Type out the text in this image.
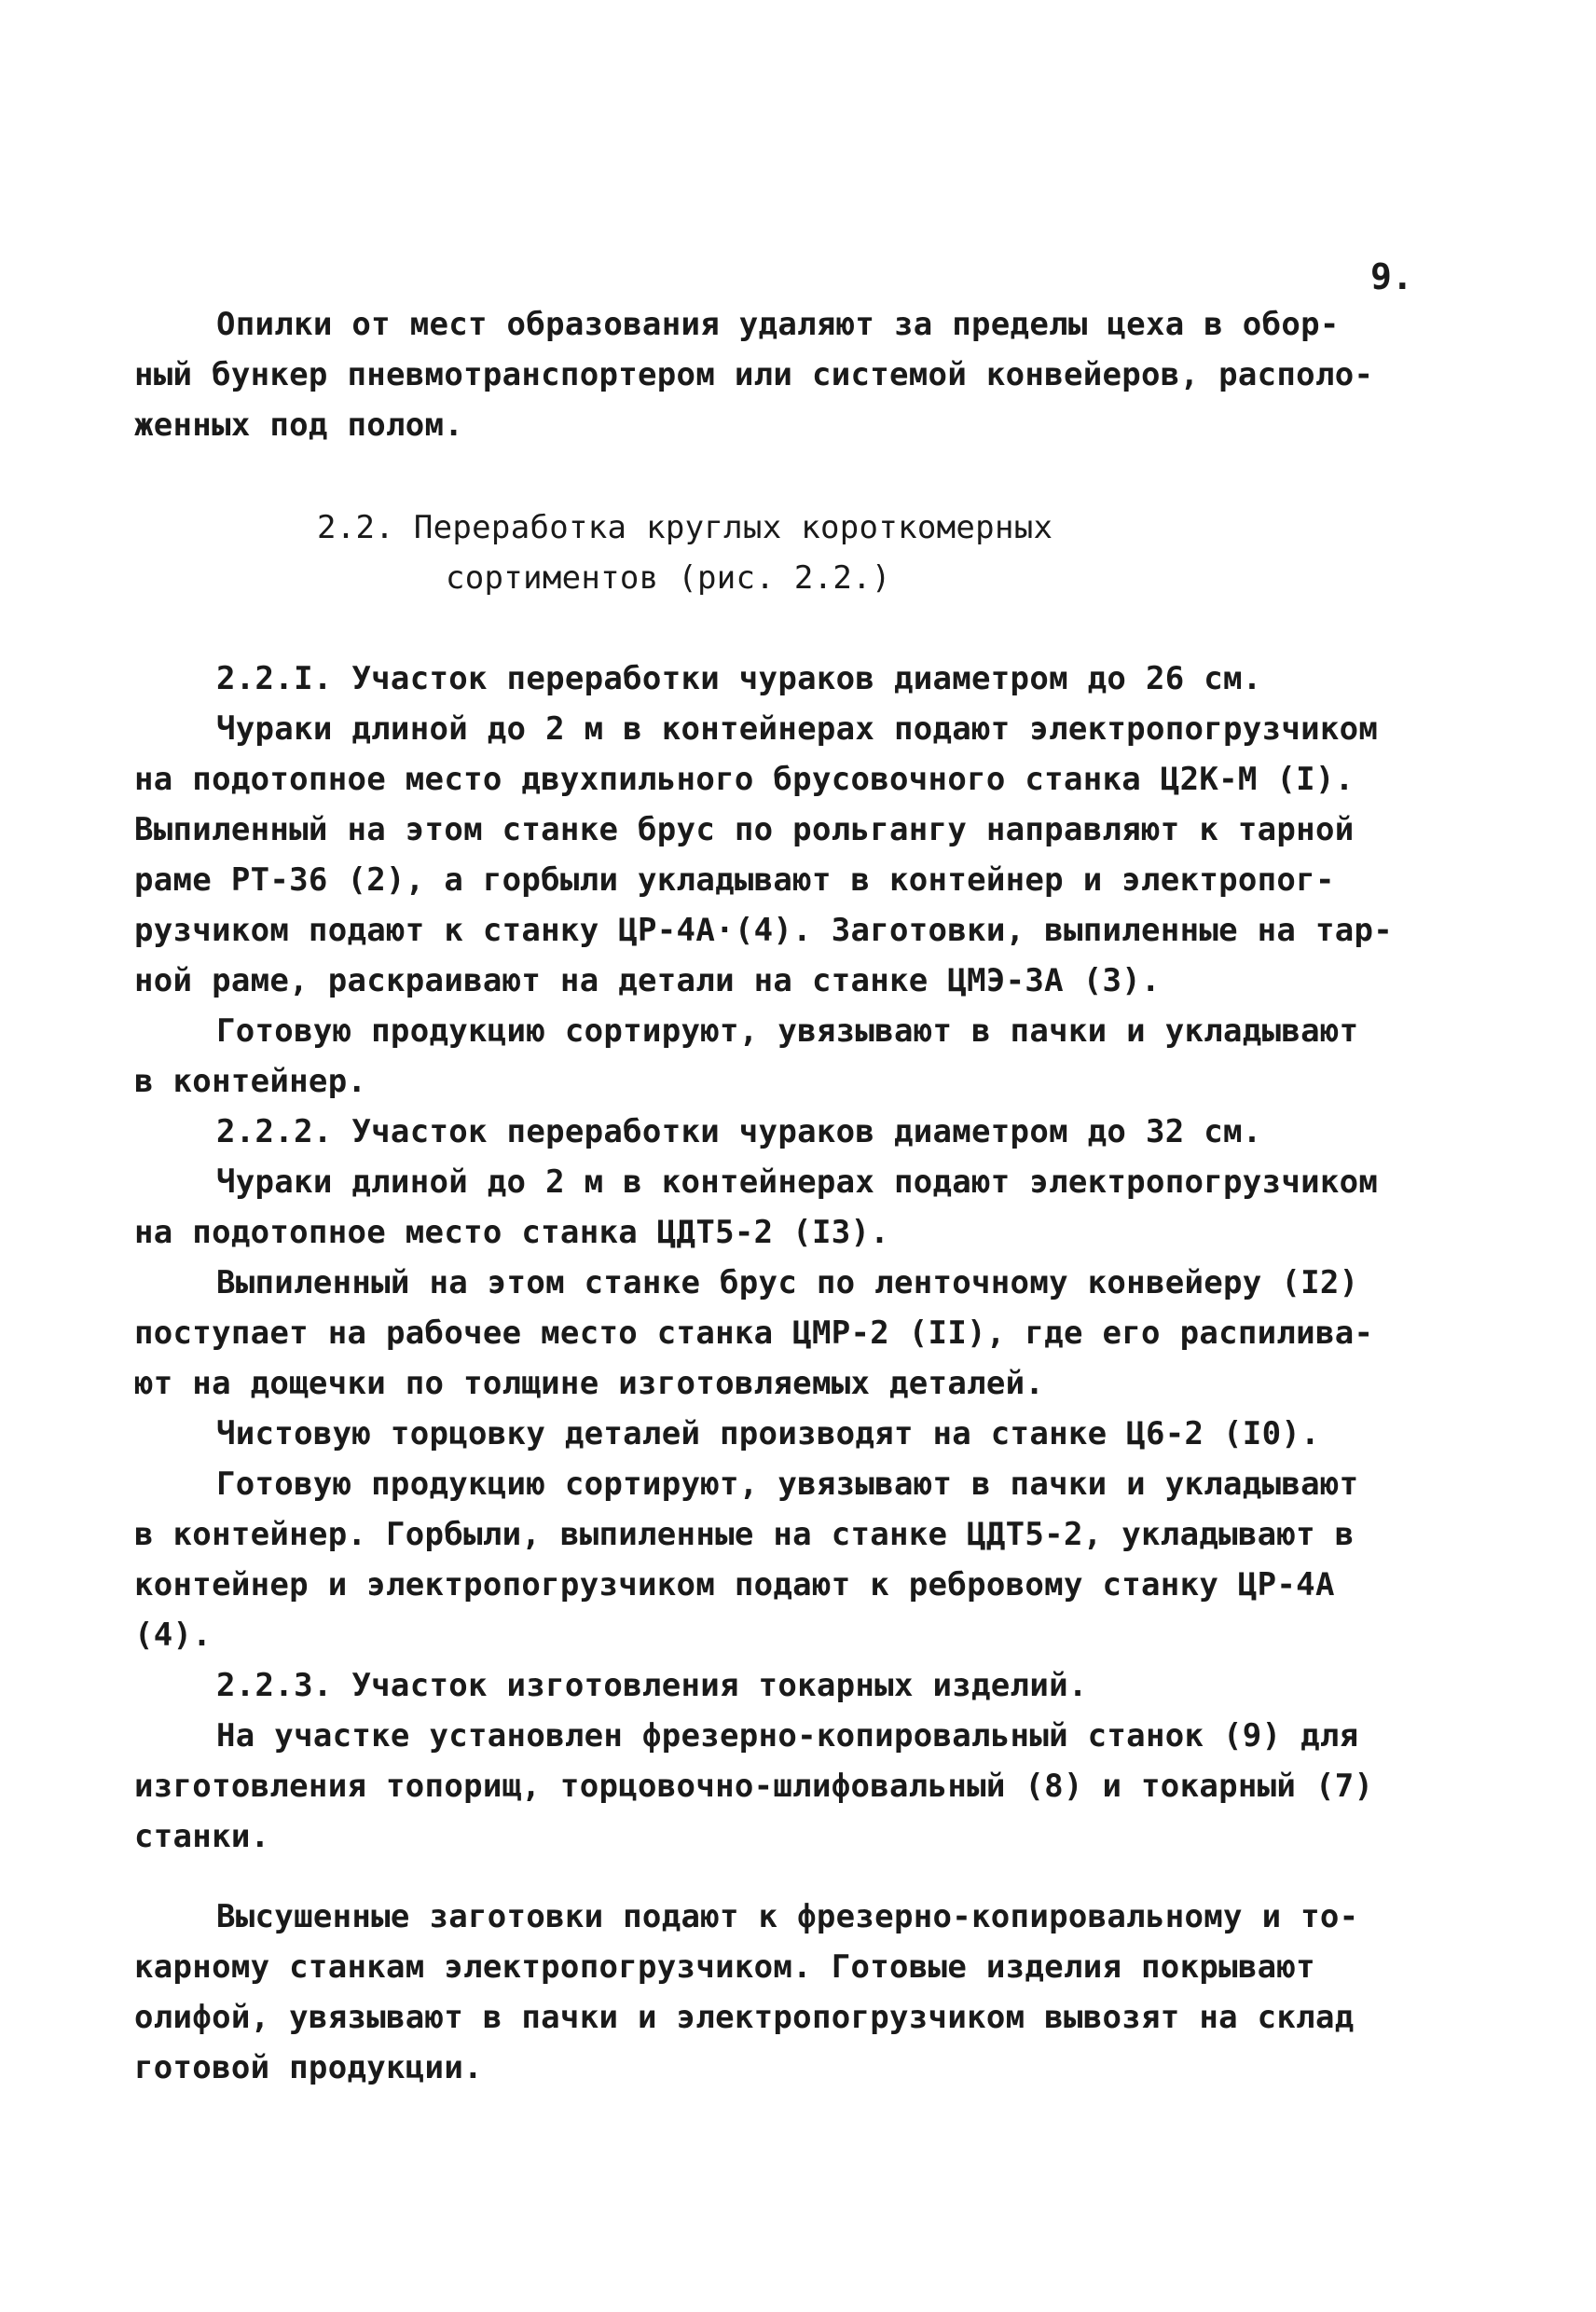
9.
Опилки от мест образования удаляют за пределы цеха в обор-
ный бункер пневмотранспортером или системой конвейеров, располо-
женных под полом.
2.2. Переработка круглых короткомерных
сортиментов (рис. 2.2.)
2.2.I. Участок переработки чураков диаметром до 26 см.
Чураки длиной до 2 м в контейнерах подают электропогрузчиком
на подотопное место двухпильного брусовочного станка Ц2К-М (I).
Выпиленный на этом станке брус по рольгангу направляют к тарной
раме РТ-36 (2), а горбыли укладывают в контейнер и электропог-
рузчиком подают к станку ЦР-4А·(4). Заготовки, выпиленные на тар-
ной раме, раскраивают на детали на станке ЦМЭ-3А (3).
Готовую продукцию сортируют, увязывают в пачки и укладывают
в контейнер.
2.2.2. Участок переработки чураков диаметром до 32 см.
Чураки длиной до 2 м в контейнерах подают электропогрузчиком
на подотопное место станка ЦДТ5-2 (I3).
Выпиленный на этом станке брус по ленточному конвейеру (I2)
поступает на рабочее место станка ЦМР-2 (II), где его распилива-
ют на дощечки по толщине изготовляемых деталей.
Чистовую торцовку деталей производят на станке Ц6-2 (I0).
Готовую продукцию сортируют, увязывают в пачки и укладывают
в контейнер. Горбыли, выпиленные на станке ЦДТ5-2, укладывают в
контейнер и электропогрузчиком подают к ребровому станку ЦР-4А
(4).
2.2.3. Участок изготовления токарных изделий.
На участке установлен фрезерно-копировальный станок (9) для
изготовления топорищ, торцовочно-шлифовальный (8) и токарный (7)
станки.
Высушенные заготовки подают к фрезерно-копировальному и то-
карному станкам электропогрузчиком. Готовые изделия покрывают
олифой, увязывают в пачки и электропогрузчиком вывозят на склад
готовой продукции.
